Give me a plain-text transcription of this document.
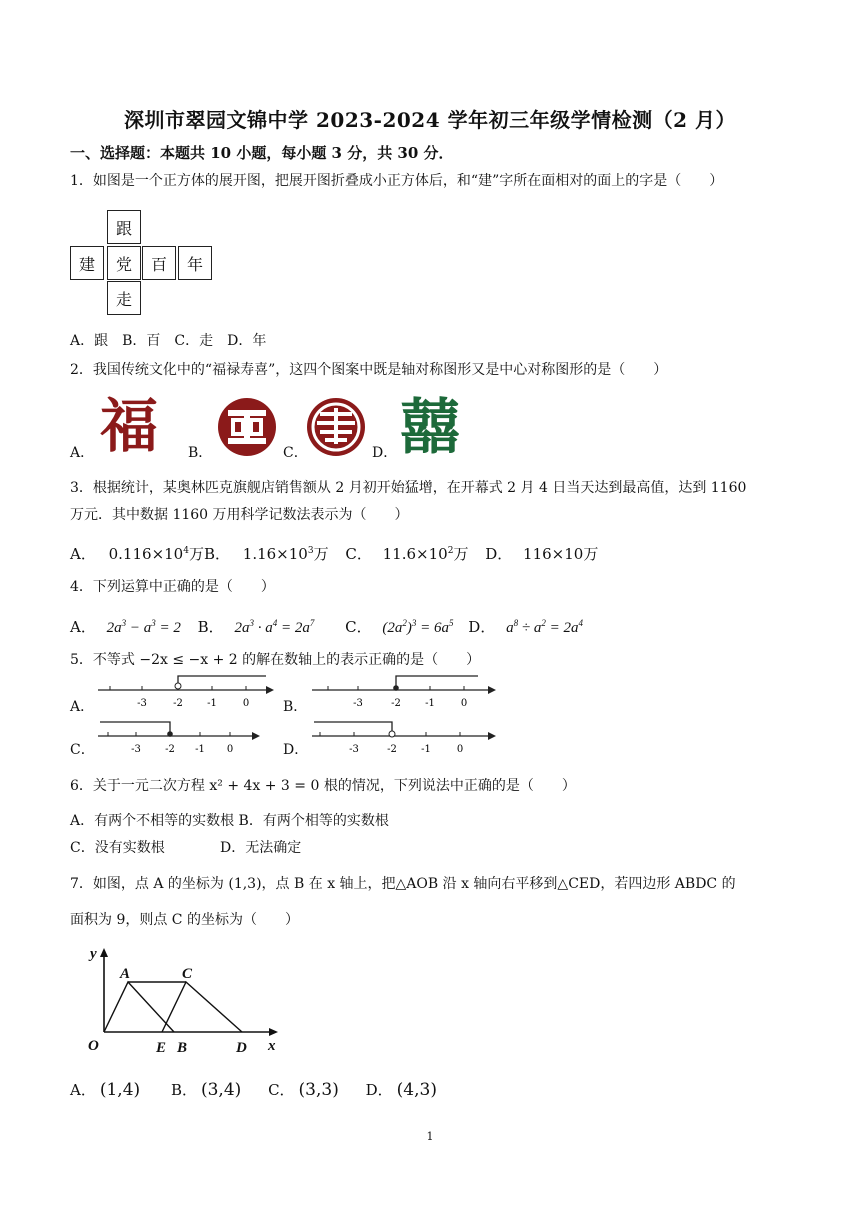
深圳市翠园文锦中学 2023-2024 学年初三年级学情检测（2 月）
一、选择题：本题共 10 小题，每小题 3 分，共 30 分．
1．如图是一个正方体的展开图，把展开图折叠成小正方体后，和“建”字所在面相对的面上的字是（　　）
跟
建	党	百	年
走
A．跟　B．百　C．走　D．年
2．我国传统文化中的“福禄寿喜”，这四个图案中既是轴对称图形又是中心对称图形的是（　　）
A．	B．	C．	D．
福	囍
3．根据统计，某奥林匹克旗舰店销售额从 2 月初开始猛增，在开幕式 2 月 4 日当天达到最高值，达到 1160
万元．其中数据 1160 万用科学记数法表示为（　　）
A． $0.116\times 10^4$万B． $1.16\times 10^3$万 C． $11.6\times 10^2$万 D． 116×10万
4．下列运算中正确的是（　　）
A． $2a^3 - a^3 = 2$ B． $2a^3 \cdot a^4 = 2a^7$ C． $(2a^2)^3 = 6a^5$ D． $a^8 \div a^2 = 2a^4$
5．不等式 −2x ≤ −x + 2 的解在数轴上的表示正确的是（　　）
A．	B．
C．	D．
-3	-2 -1	0	-3	-2 -1	0
-3 -2 -1 0	-3	-2 -1	0
6．关于一元二次方程 x² + 4x + 3 = 0 根的情况，下列说法中正确的是（　　）
A．有两个不相等的实数根 B．有两个相等的实数根
C．没有实数根	D．无法确定
7．如图，点 A 的坐标为 (1,3)，点 B 在 x 轴上，把△AOB 沿 x 轴向右平移到△CED，若四边形 ABDC 的
面积为 9，则点 C 的坐标为（　　）
y
A	C
O	E B	D x
A． (1,4) B． (3,4) C． (3,3) D． (4,3)
1
